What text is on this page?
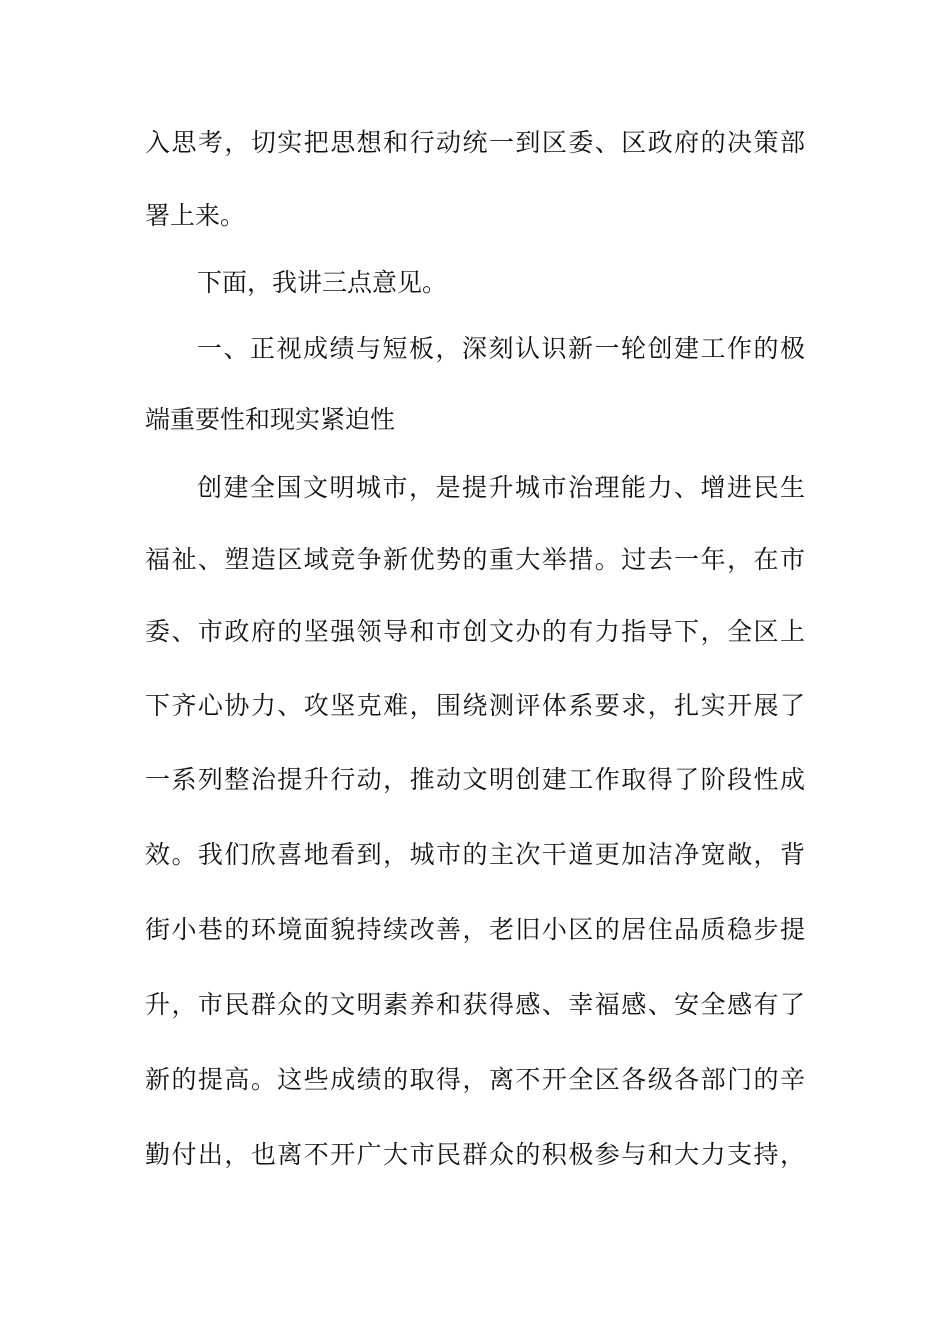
入思考，切实把思想和行动统一到区委、区政府的决策部
署上来。
下面，我讲三点意见。
一、正视成绩与短板，深刻认识新一轮创建工作的极
端重要性和现实紧迫性
创建全国文明城市，是提升城市治理能力、增进民生
福祉、塑造区域竞争新优势的重大举措。过去一年，在市
委、市政府的坚强领导和市创文办的有力指导下，全区上
下齐心协力、攻坚克难，围绕测评体系要求，扎实开展了
一系列整治提升行动，推动文明创建工作取得了阶段性成
效。我们欣喜地看到，城市的主次干道更加洁净宽敞，背
街小巷的环境面貌持续改善，老旧小区的居住品质稳步提
升，市民群众的文明素养和获得感、幸福感、安全感有了
新的提高。这些成绩的取得，离不开全区各级各部门的辛
勤付出，也离不开广大市民群众的积极参与和大力支持，
